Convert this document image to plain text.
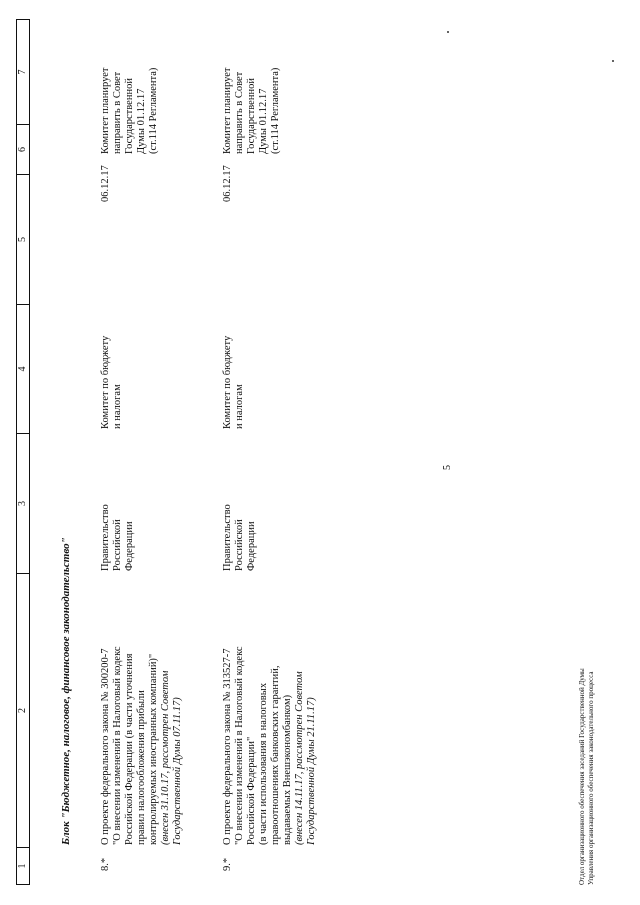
5
1
2
3
4
5
6
7
Блок "Бюджетное, налоговое, финансовое законодательство"
8.*
О проекте федерального закона № 300200-7 "О внесении изменений в Налоговый кодекс Российской Федерации (в части уточнения правил налогообложения прибыли контролируемых иностранных компаний)" (внесен 31.10.17, рассмотрен Советом Государственной Думы 07.11.17)
Правительство Российской Федерации
Комитет по бюджету и налогам
06.12.17
Комитет планирует направить в Совет Государственной Думы 01.12.17 (ст.114 Регламента)
9.*
О проекте федерального закона № 313527-7 "О внесении изменений в Налоговый кодекс Российской Федерации" (в части использования в налоговых правоотношениях банковских гарантий, выдаваемых Внешэкономбанком) (внесен 14.11.17, рассмотрен Советом Государственной Думы 21.11.17)
Правительство Российской Федерации
Комитет по бюджету и налогам
06.12.17
Комитет планирует направить в Совет Государственной Думы 01.12.17 (ст.114 Регламента)
Отдел организационного обеспечения заседаний Государственной Думы Управления организационного обеспечения законодательного процесса
